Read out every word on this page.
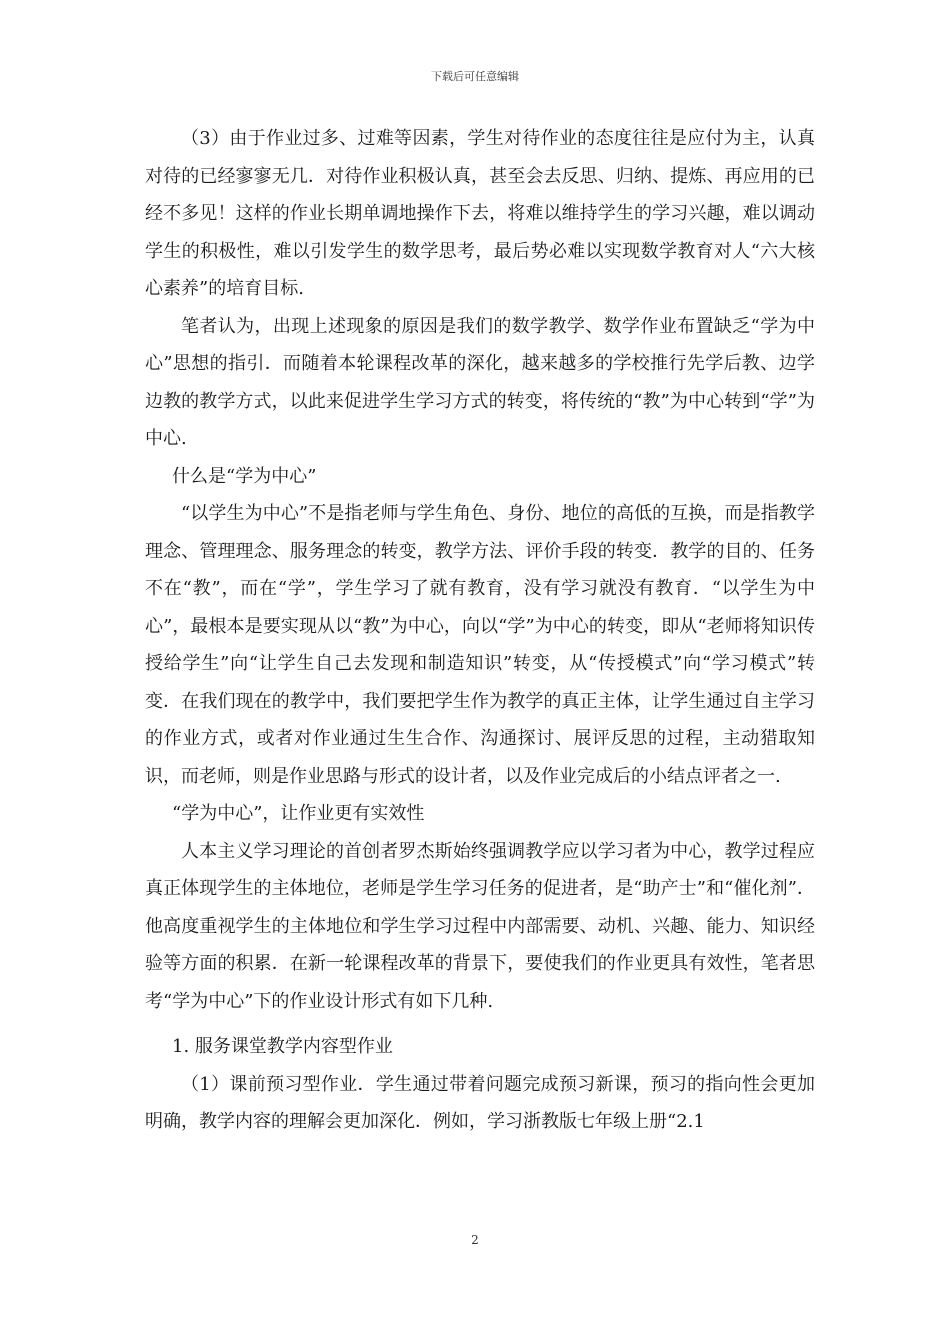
下载后可任意编辑

（3）由于作业过多、过难等因素，学生对待作业的态度往往是应付为主，认真对待的已经寥寥无几．对待作业积极认真，甚至会去反思、归纳、提炼、再应用的已经不多见！这样的作业长期单调地操作下去，将难以维持学生的学习兴趣，难以调动学生的积极性，难以引发学生的数学思考，最后势必难以实现数学教育对人“六大核心素养”的培育目标.

笔者认为，出现上述现象的原因是我们的数学教学、数学作业布置缺乏“学为中心”思想的指引．而随着本轮课程改革的深化，越来越多的学校推行先学后教、边学边教的教学方式，以此来促进学生学习方式的转变，将传统的“教”为中心转到“学”为中心.

什么是“学为中心”

“以学生为中心”不是指老师与学生角色、身份、地位的高低的互换，而是指教学理念、管理理念、服务理念的转变，教学方法、评价手段的转变．教学的目的、任务不在“教”，而在“学”，学生学习了就有教育，没有学习就没有教育．“以学生为中心”，最根本是要实现从以“教”为中心，向以“学”为中心的转变，即从“老师将知识传授给学生”向“让学生自己去发现和制造知识”转变，从“传授模式”向“学习模式”转变．在我们现在的教学中，我们要把学生作为教学的真正主体，让学生通过自主学习的作业方式，或者对作业通过生生合作、沟通探讨、展评反思的过程，主动猎取知识，而老师，则是作业思路与形式的设计者，以及作业完成后的小结点评者之一.

“学为中心”，让作业更有实效性

人本主义学习理论的首创者罗杰斯始终强调教学应以学习者为中心，教学过程应真正体现学生的主体地位，老师是学生学习任务的促进者，是“助产士”和“催化剂”．他高度重视学生的主体地位和学生学习过程中内部需要、动机、兴趣、能力、知识经验等方面的积累．在新一轮课程改革的背景下，要使我们的作业更具有效性，笔者思考“学为中心”下的作业设计形式有如下几种.

1. 服务课堂教学内容型作业

（1）课前预习型作业．学生通过带着问题完成预习新课，预习的指向性会更加明确，教学内容的理解会更加深化．例如，学习浙教版七年级上册“2.1

2
